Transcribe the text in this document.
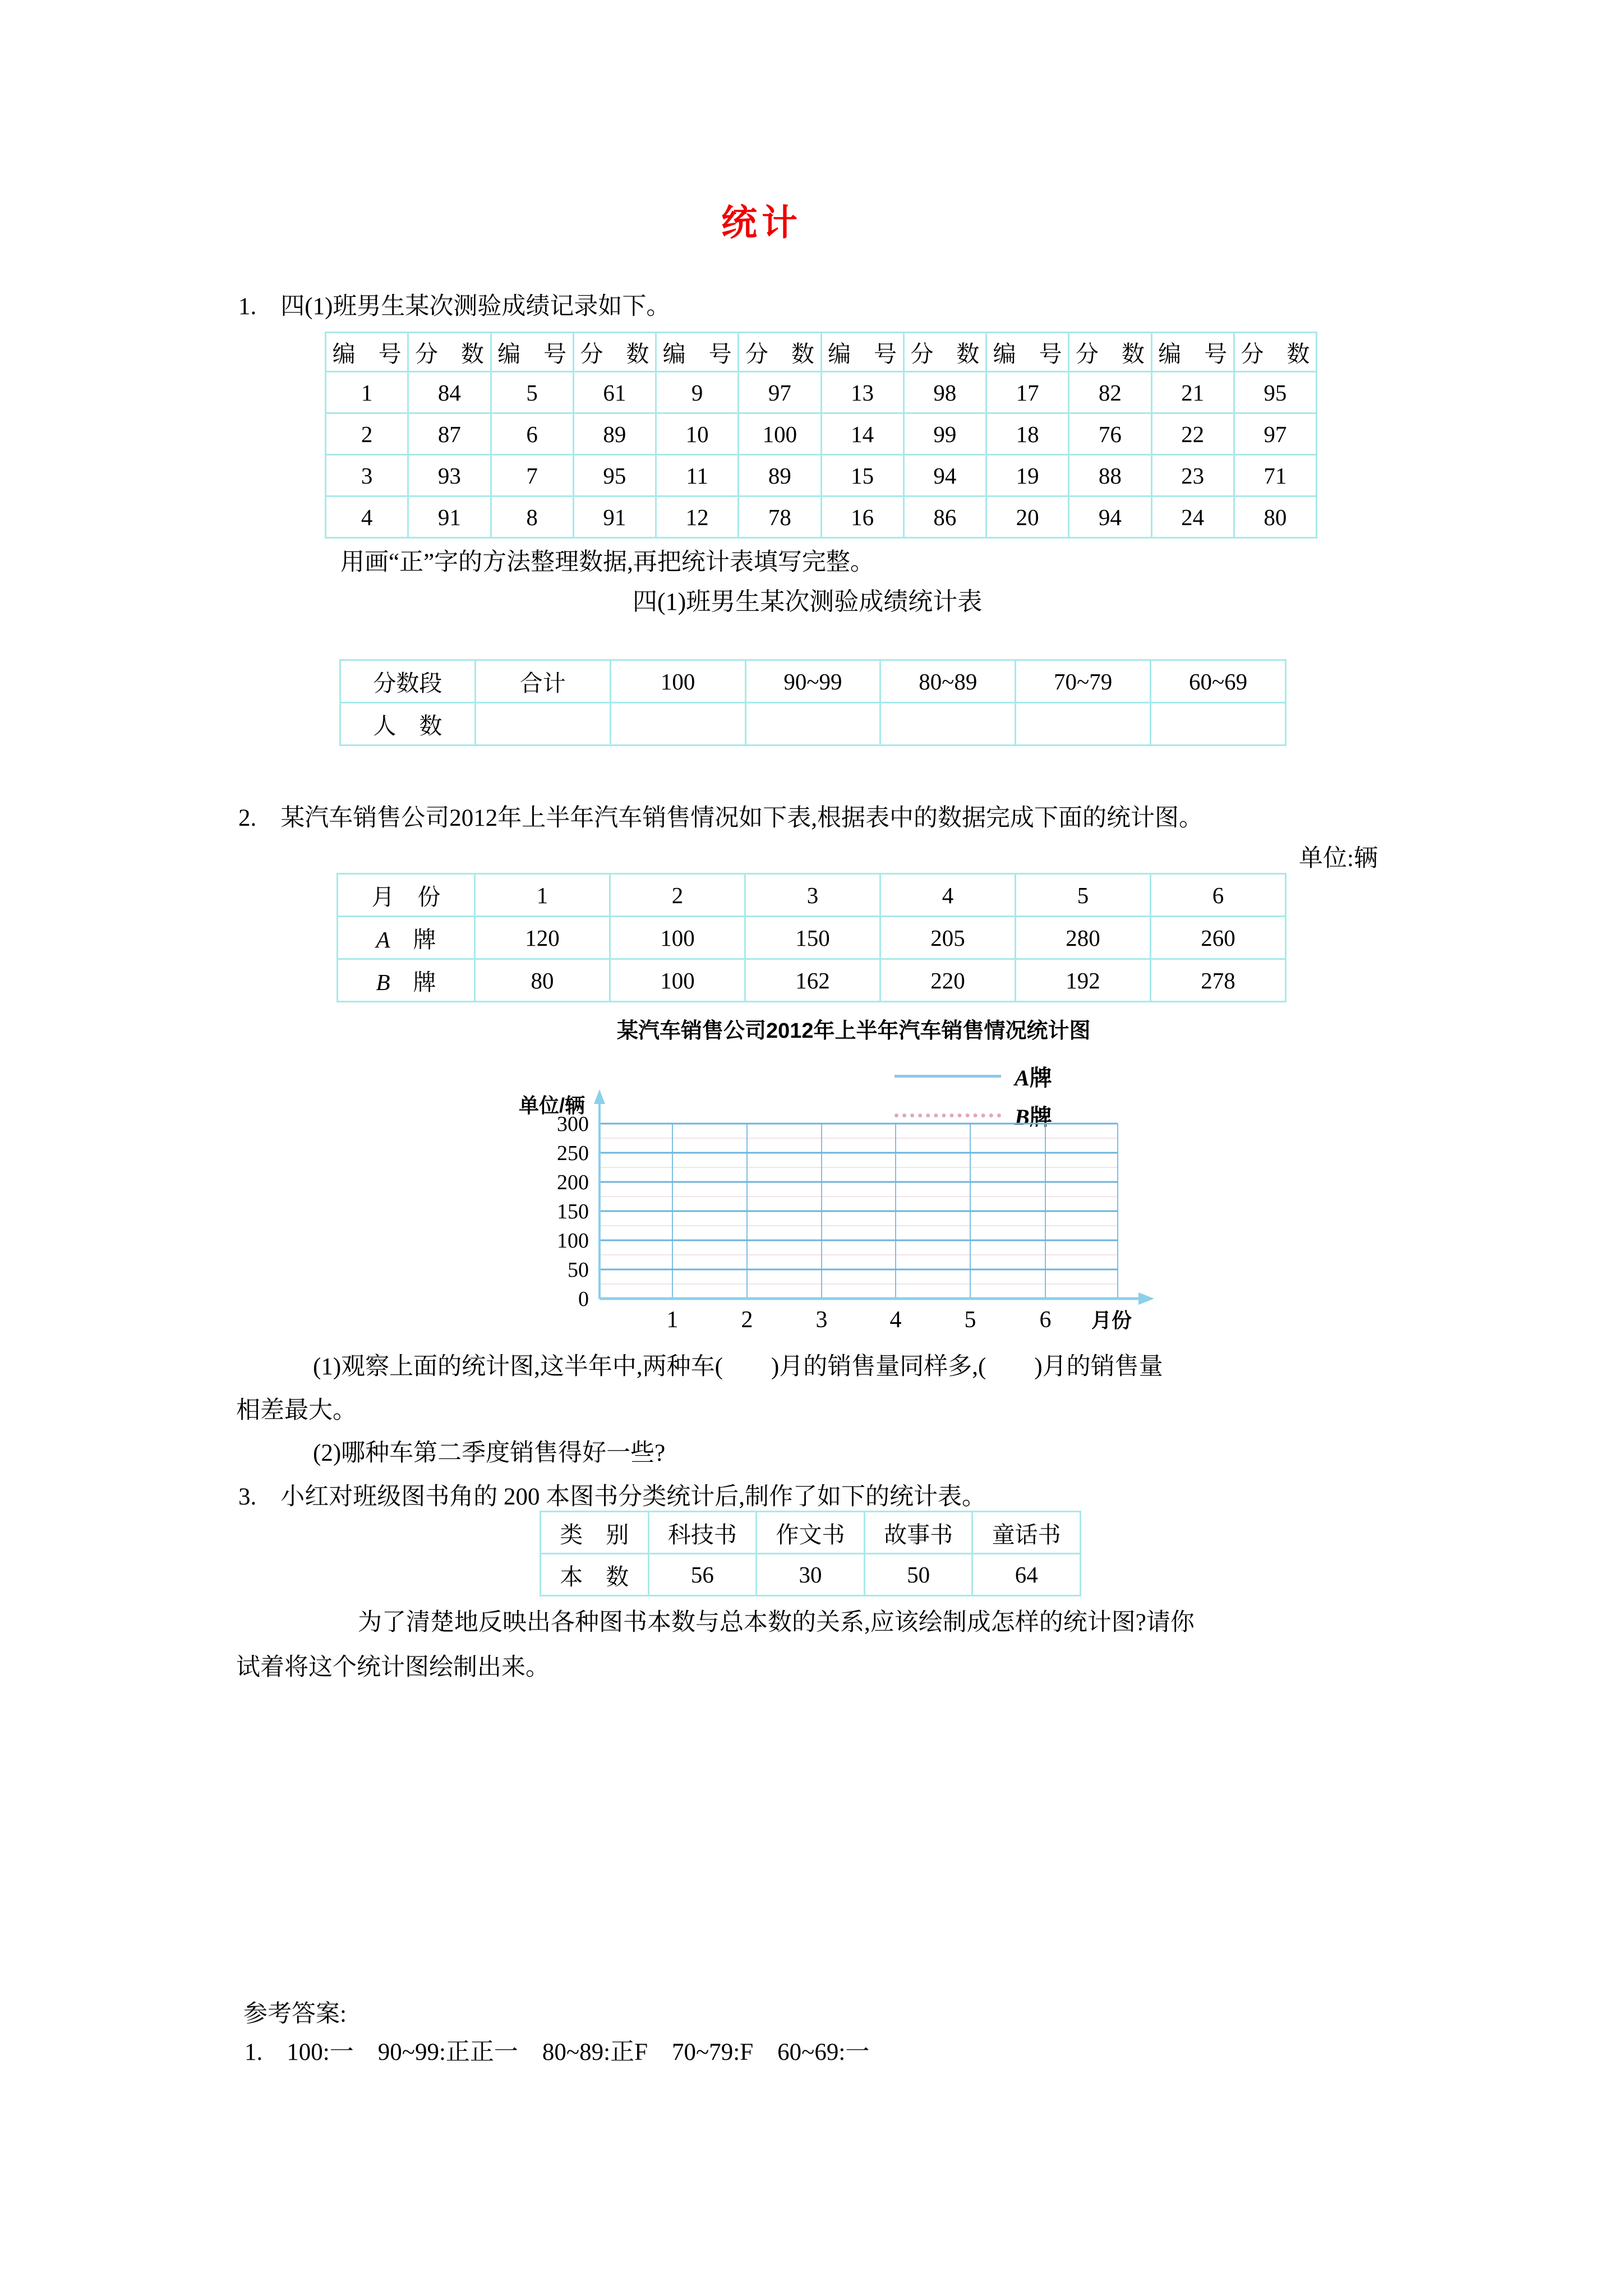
统计
1.　四(1)班男生某次测验成绩记录如下。
编　号	分　数	编　号	分　数	编　号	分　数	编　号	分　数	编　号	分　数	编　号	分　数
1	84	5	61	9	97	13	98	17	82	21	95
2	87	6	89	10	100	14	99	18	76	22	97
3	93	7	95	11	89	15	94	19	88	23	71
4	91	8	91	12	78	16	86	20	94	24	80
用画“正”字的方法整理数据,再把统计表填写完整。
四(1)班男生某次测验成绩统计表
分数段	合计	100	90~99	80~89	70~79	60~69
人　数						
2.　某汽车销售公司2012年上半年汽车销售情况如下表,根据表中的数据完成下面的统计图。
单位:辆
月　份	1	2	3	4	5	6
A　 牌	120	100	150	205	280	260
B　 牌	80	100	162	220	192	278
某汽车销售公司2012年上半年汽车销售情况统计图
A牌
B牌
300
250
200
150
100
50
0
1	2	3	4	5	6 月份
单位/辆
(1)观察上面的统计图,这半年中,两种车(　　)月的销售量同样多,(　　)月的销售量
相差最大。
(2)哪种车第二季度销售得好一些?
3.　小红对班级图书角的 200 本图书分类统计后,制作了如下的统计表。
类　别	科技书	作文书	故事书	童话书
本　数	56	30	50	64
为了清楚地反映出各种图书本数与总本数的关系,应该绘制成怎样的统计图?请你
试着将这个统计图绘制出来。
参考答案:
1.　100:一　90~99:正正一　80~89:正F　70~79:F　60~69:一
